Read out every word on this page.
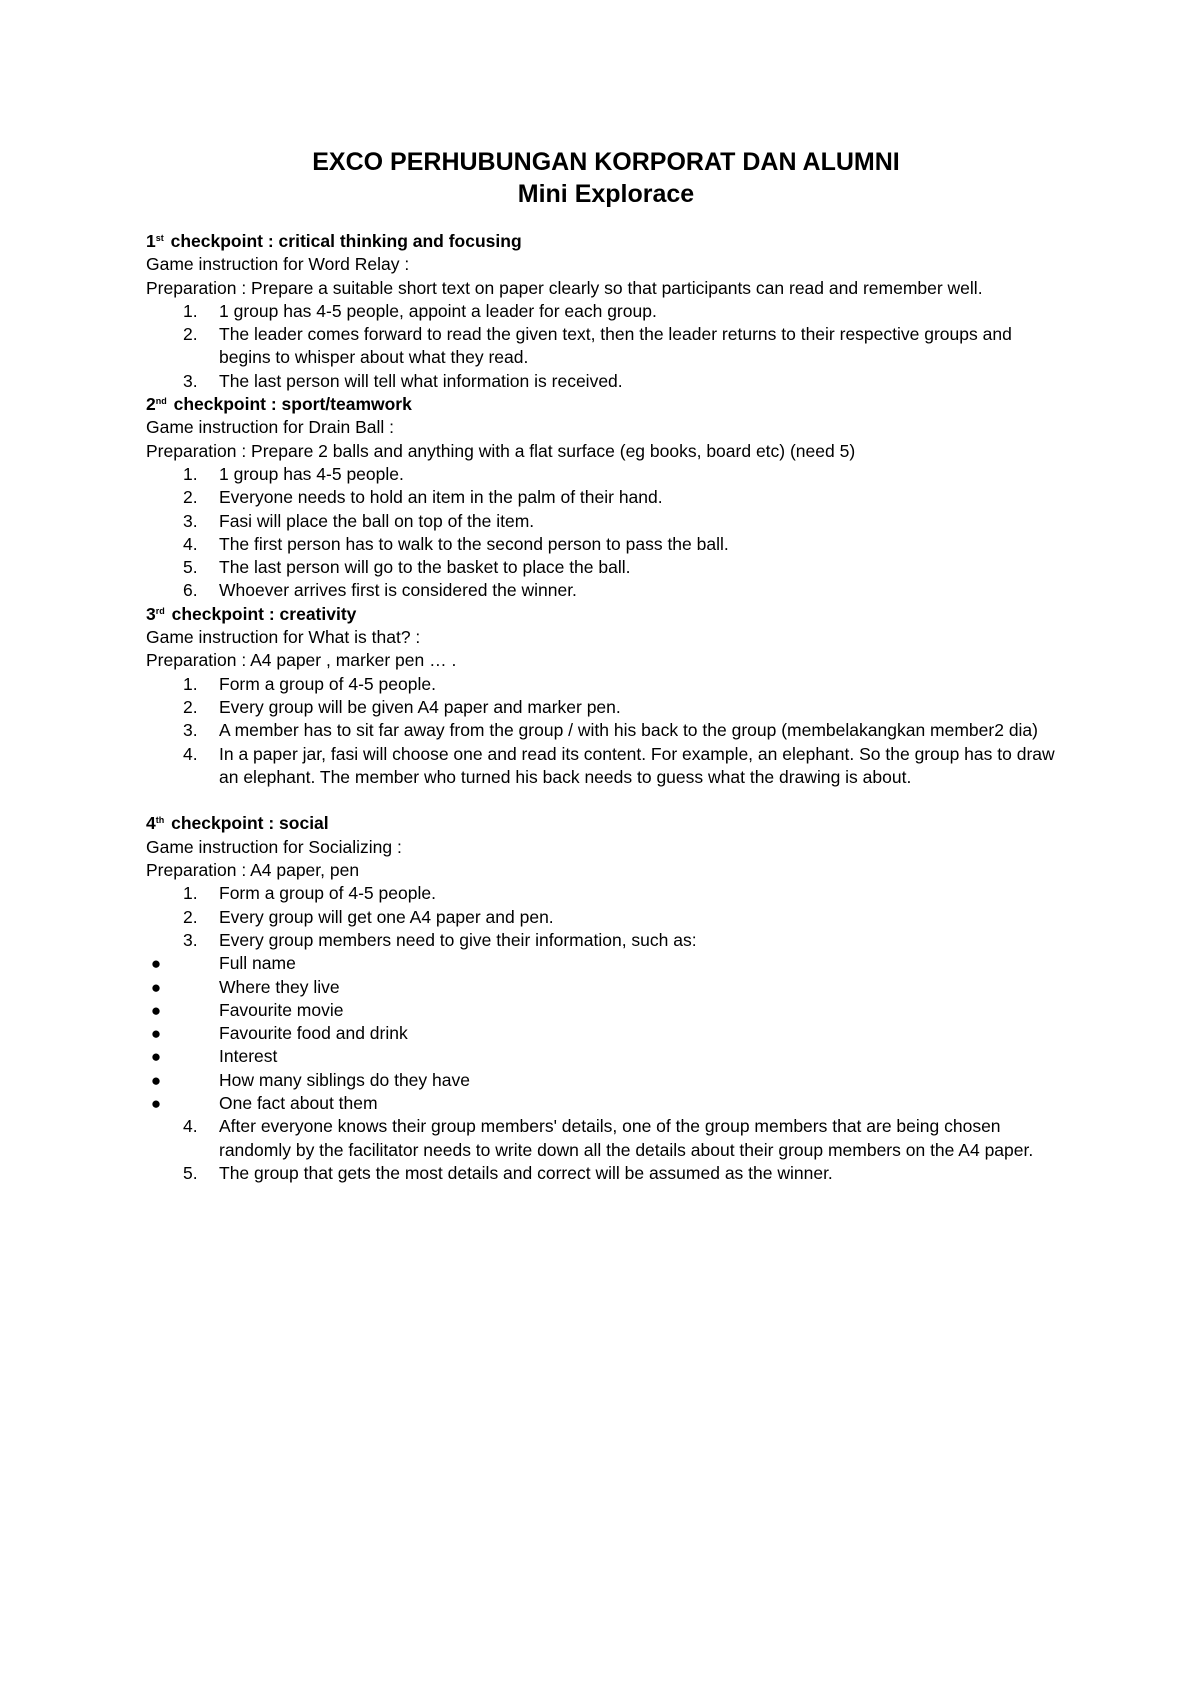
EXCO PERHUBUNGAN KORPORAT DAN ALUMNI

Mini Explorace

1st checkpoint : critical thinking and focusing

Game instruction for Word Relay :

Preparation : Prepare a suitable short text on paper clearly so that participants can read and remember well.

1. 1 group has 4-5 people, appoint a leader for each group.
2. The leader comes forward to read the given text, then the leader returns to their respective groups and begins to whisper about what they read.
3. The last person will tell what information is received.

2nd checkpoint : sport/teamwork

Game instruction for Drain Ball :

Preparation : Prepare 2 balls and anything with a flat surface (eg books, board etc) (need 5)

1. 1 group has 4-5 people.
2. Everyone needs to hold an item in the palm of their hand.
3. Fasi will place the ball on top of the item.
4. The first person has to walk to the second person to pass the ball.
5. The last person will go to the basket to place the ball.
6. Whoever arrives first is considered the winner.

3rd checkpoint : creativity

Game instruction for What is that? :

Preparation : A4 paper , marker pen … .

1. Form a group of 4-5 people.
2. Every group will be given A4 paper and marker pen.
3. A member has to sit far away from the group / with his back to the group (membelakangkan member2 dia)
4. In a paper jar, fasi will choose one and read its content. For example, an elephant. So the group has to draw an elephant. The member who turned his back needs to guess what the drawing is about.

4th checkpoint : social

Game instruction for Socializing :

Preparation : A4 paper, pen

1. Form a group of 4-5 people.
2. Every group will get one A4 paper and pen.
3. Every group members need to give their information, such as:
●	Full name
●	Where they live
●	Favourite movie
●	Favourite food and drink
●	Interest
●	How many siblings do they have
●	One fact about them
4. After everyone knows their group members' details, one of the group members that are being chosen randomly by the facilitator needs to write down all the details about their group members on the A4 paper.
5. The group that gets the most details and correct will be assumed as the winner.
